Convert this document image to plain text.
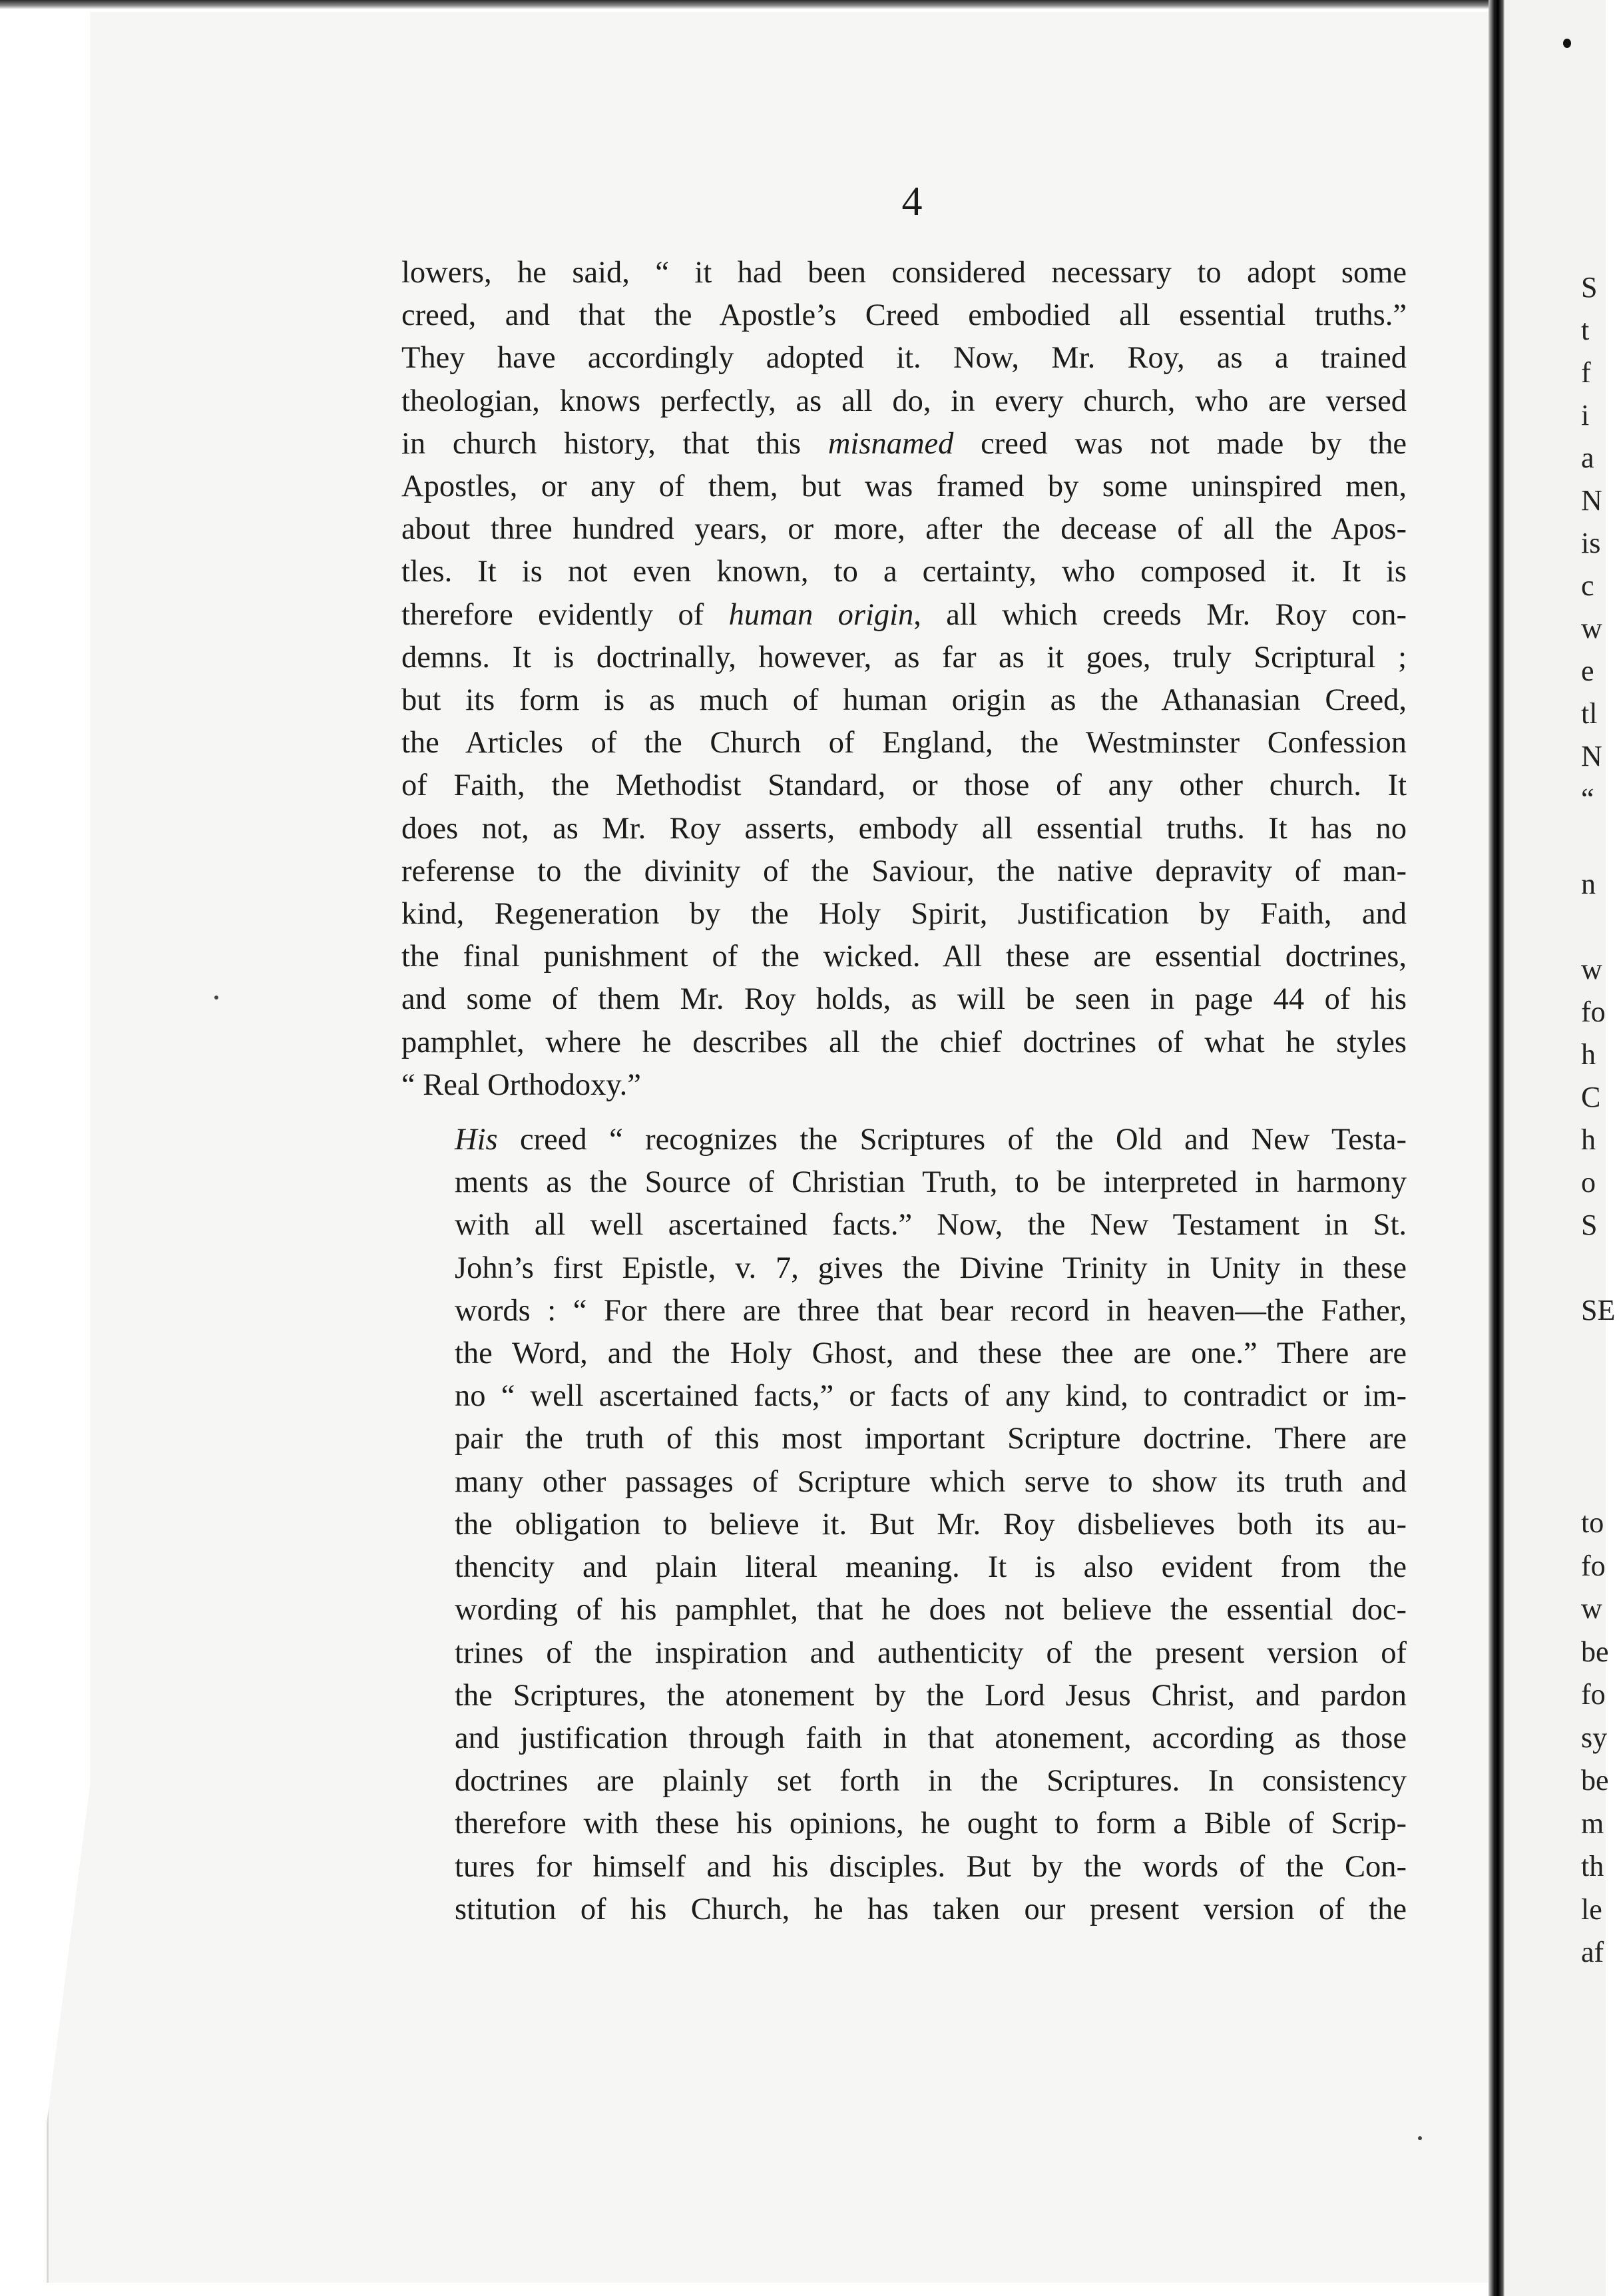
4

lowers, he said, “ it had been considered necessary to adopt some
creed, and that the Apostle’s Creed embodied all essential truths.”
They have accordingly adopted it. Now, Mr. Roy, as a trained
theologian, knows perfectly, as all do, in every church, who are versed
in church history, that this misnamed creed was not made by the
Apostles, or any of them, but was framed by some uninspired men,
about three hundred years, or more, after the decease of all the Apos-
tles. It is not even known, to a certainty, who composed it. It is
therefore evidently of human origin, all which creeds Mr. Roy con-
demns. It is doctrinally, however, as far as it goes, truly Scriptural ;
but its form is as much of human origin as the Athanasian Creed,
the Articles of the Church of England, the Westminster Confession
of Faith, the Methodist Standard, or those of any other church. It
does not, as Mr. Roy asserts, embody all essential truths. It has no
referense to the divinity of the Saviour, the native depravity of man-
kind, Regeneration by the Holy Spirit, Justification by Faith, and
the final punishment of the wicked. All these are essential doctrines,
and some of them Mr. Roy holds, as will be seen in page 44 of his
pamphlet, where he describes all the chief doctrines of what he styles
“ Real Orthodoxy.”

His creed “ recognizes the Scriptures of the Old and New Testa-
ments as the Source of Christian Truth, to be interpreted in harmony
with all well ascertained facts.” Now, the New Testament in St.
John’s first Epistle, v. 7, gives the Divine Trinity in Unity in these
words : “ For there are three that bear record in heaven—the Father,
the Word, and the Holy Ghost, and these thee are one.” There are
no “ well ascertained facts,” or facts of any kind, to contradict or im-
pair the truth of this most important Scripture doctrine. There are
many other passages of Scripture which serve to show its truth and
the obligation to believe it. But Mr. Roy disbelieves both its au-
thencity and plain literal meaning. It is also evident from the
wording of his pamphlet, that he does not believe the essential doc-
trines of the inspiration and authenticity of the present version of
the Scriptures, the atonement by the Lord Jesus Christ, and pardon
and justification through faith in that atonement, according as those
doctrines are plainly set forth in the Scriptures. In consistency
therefore with these his opinions, he ought to form a Bible of Scrip-
tures for himself and his disciples. But by the words of the Con-
stitution of his Church, he has taken our present version of the

S
t
f
i
a
N
is
c
w
e
tl
N
“

n

w
fo
h
C
h
o
S

SE
to
fo
w
be
fo
sy
be
m
th
le
af
